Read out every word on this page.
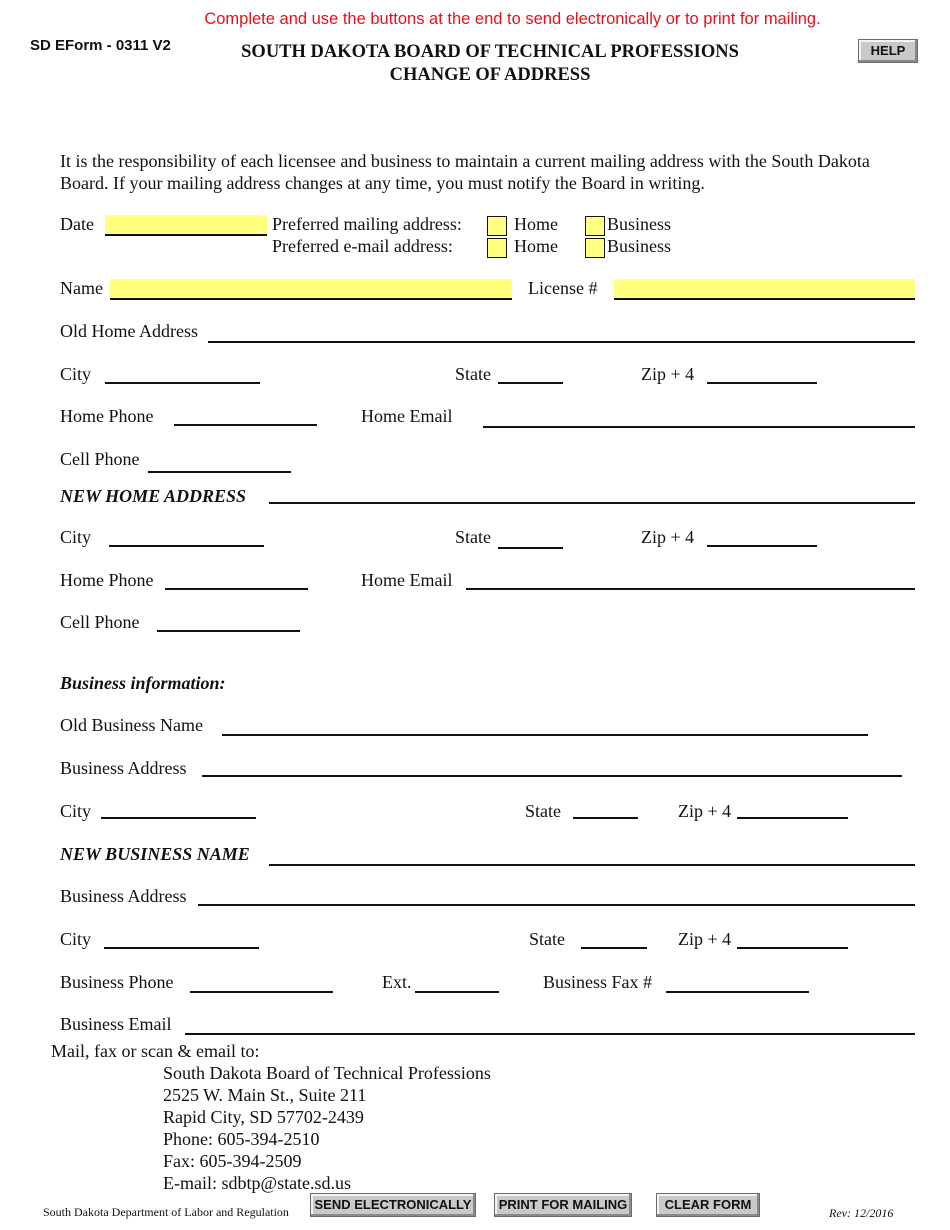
Complete and use the buttons at the end to send electronically or to print for mailing.
SD EForm - 0311 V2	SOUTH DAKOTA BOARD OF TECHNICAL PROFESSIONS
CHANGE OF ADDRESS
HELP
It is the responsibility of each licensee and business to maintain a current mailing address with the South Dakota Board. If your mailing address changes at any time, you must notify the Board in writing.
Date	Preferred mailing address:
Preferred e-mail address:
Home	Business
Home	Business
Name	License #
Old Home Address
City	State	Zip + 4
Home Phone	Home Email
Cell Phone
NEW HOME ADDRESS
City	State	Zip + 4
Home Phone	Home Email
Cell Phone
Business information:
Old Business Name
Business Address
City	State	Zip + 4
NEW BUSINESS NAME
Business Address
City	State	Zip + 4
Business Phone	Ext.	Business Fax #
Business Email
Mail, fax or scan & email to:
South Dakota Board of Technical Professions
2525 W. Main St., Suite 211
Rapid City, SD 57702-2439
Phone: 605-394-2510
Fax: 605-394-2509
E-mail: sdbtp@state.sd.us
South Dakota Department of Labor and Regulation	SEND ELECTRONICALLY	PRINT FOR MAILING	CLEAR FORM
Rev: 12/2016
